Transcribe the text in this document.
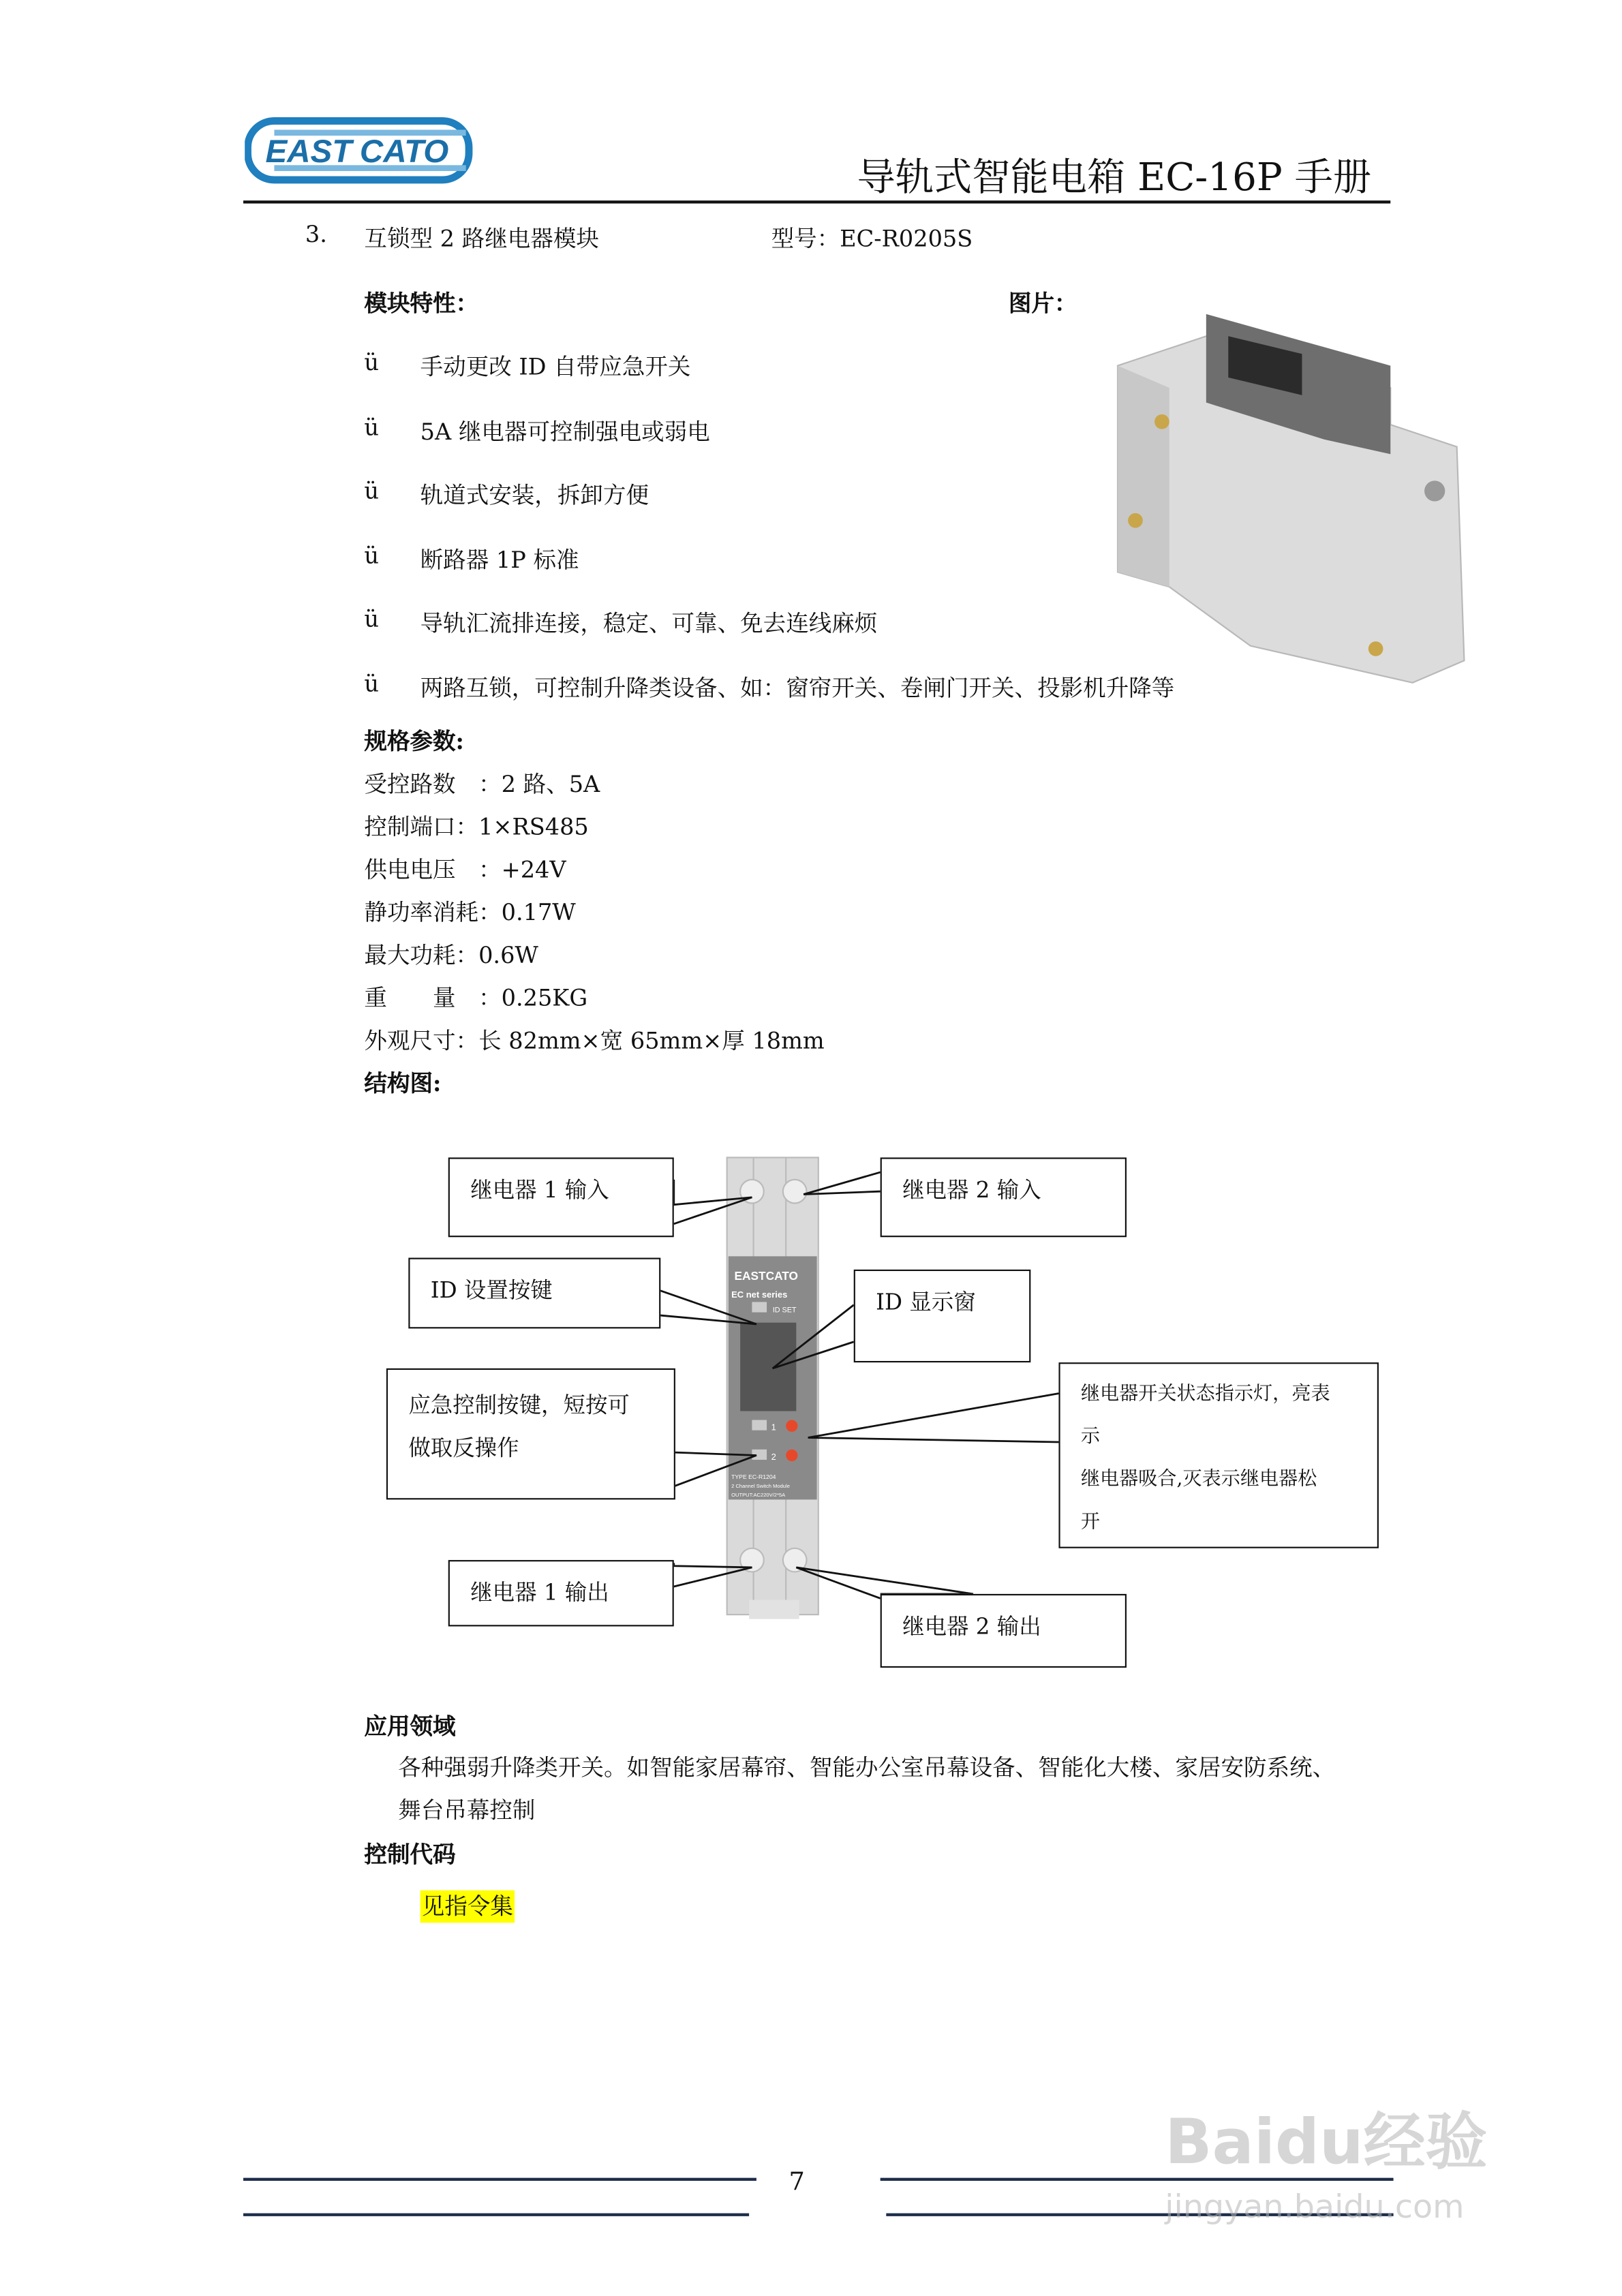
EAST CATO
导轨式智能电箱 EC-16P 手册
3.	互锁型 2 路继电器模块	型号：EC-R0205S
模块特性：	图片：
ü	手动更改 ID 自带应急开关
ü	5A 继电器可控制强电或弱电
ü	轨道式安装，拆卸方便
ü	断路器 1P 标准
ü	导轨汇流排连接，稳定、可靠、免去连线麻烦
ü	两路互锁，可控制升降类设备、如：窗帘开关、卷闸门开关、投影机升降等
规格参数:
受控路数　：2 路、5A
控制端口：1×RS485
供电电压　：+24V
静功率消耗：0.17W
最大功耗：0.6W
重　　量　：0.25KG
外观尺寸：长 82mm×宽 65mm×厚 18mm
结构图:
EASTCATO
EC net series
ID SET
1
2
TYPE EC-R1204
2 Channel Switch Module
OUTPUT:AC220V/2*5A
继电器 1 输入	继电器 2 输入
ID 设置按键	ID 显示窗
应急控制按键，短按可
做取反操作
继电器开关状态指示灯，亮表
示
继电器吸合,灭表示继电器松
开
继电器 1 输出
继电器 2 输出
应用领域
各种强弱升降类开关。如智能家居幕帘、智能办公室吊幕设备、智能化大楼、家居安防系统、
舞台吊幕控制
控制代码
见指令集
7
Baidu经验
jingyan.baidu.com
